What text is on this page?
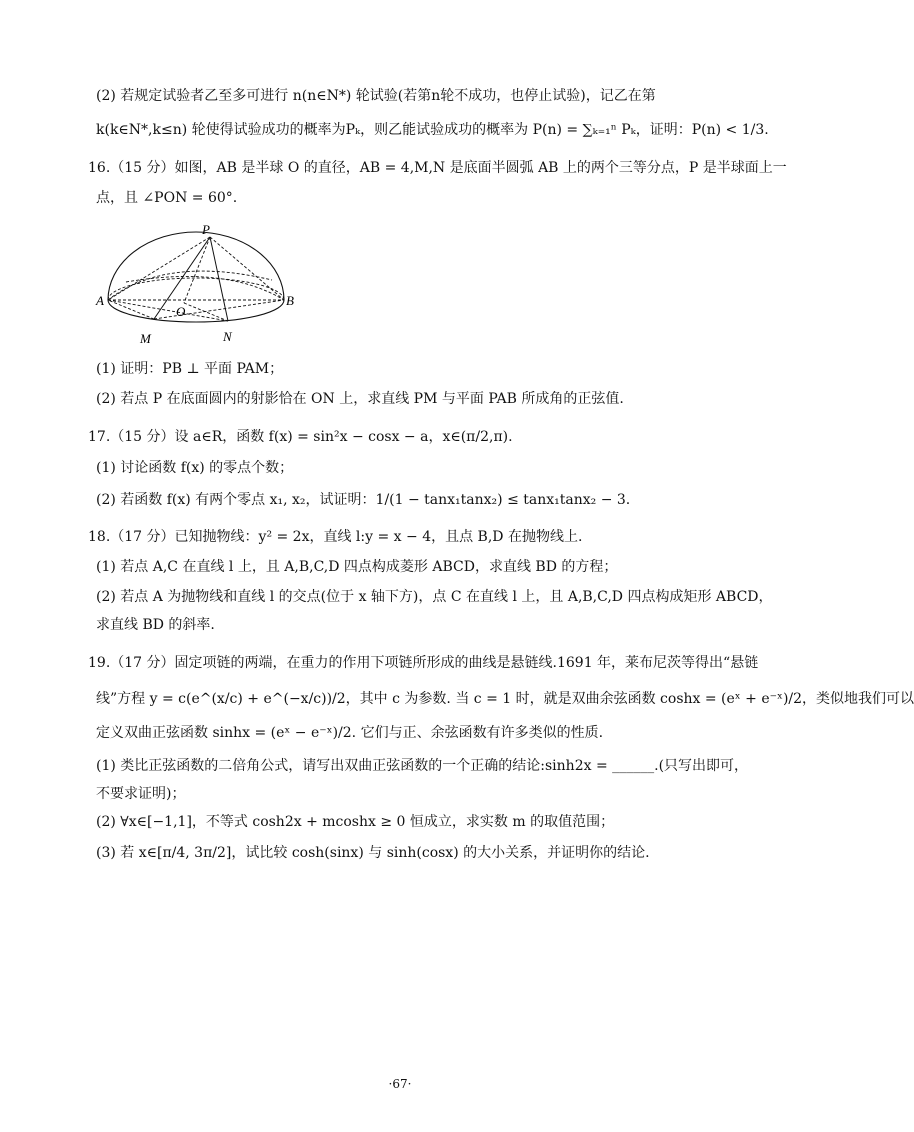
(2) 若规定试验者乙至多可进行 n(n∈N*) 轮试验(若第n轮不成功，也停止试验)，记乙在第
k(k∈N*,k≤n) 轮使得试验成功的概率为Pₖ，则乙能试验成功的概率为 P(n) = ∑ₖ₌₁ⁿ Pₖ，证明：P(n) < 1/3.
16.（15 分）如图，AB 是半球 O 的直径，AB = 4,M,N 是底面半圆弧 AB 上的两个三等分点，P 是半球面上一
点，且 ∠PON = 60°.
P
A	B
O
M	N
(1) 证明：PB ⊥ 平面 PAM；
(2) 若点 P 在底面圆内的射影恰在 ON 上，求直线 PM 与平面 PAB 所成角的正弦值.
17.（15 分）设 a∈R，函数 f(x) = sin²x − cosx − a，x∈(π/2,π).
(1) 讨论函数 f(x) 的零点个数；
(2) 若函数 f(x) 有两个零点 x₁, x₂，试证明：1/(1 − tanx₁tanx₂) ≤ tanx₁tanx₂ − 3.
18.（17 分）已知抛物线：y² = 2x，直线 l:y = x − 4，且点 B,D 在抛物线上.
(1) 若点 A,C 在直线 l 上，且 A,B,C,D 四点构成菱形 ABCD，求直线 BD 的方程；
(2) 若点 A 为抛物线和直线 l 的交点(位于 x 轴下方)，点 C 在直线 l 上，且 A,B,C,D 四点构成矩形 ABCD，
求直线 BD 的斜率.
19.（17 分）固定项链的两端，在重力的作用下项链所形成的曲线是悬链线.1691 年，莱布尼茨等得出“悬链
线”方程 y = c(e^(x/c) + e^(−x/c))/2，其中 c 为参数. 当 c = 1 时，就是双曲余弦函数 coshx = (eˣ + e⁻ˣ)/2，类似地我们可以
定义双曲正弦函数 sinhx = (eˣ − e⁻ˣ)/2. 它们与正、余弦函数有许多类似的性质.
(1) 类比正弦函数的二倍角公式，请写出双曲正弦函数的一个正确的结论:sinh2x = ______.(只写出即可，
不要求证明)；
(2) ∀x∈[−1,1]，不等式 cosh2x + mcoshx ≥ 0 恒成立，求实数 m 的取值范围；
(3) 若 x∈[π/4, 3π/2]，试比较 cosh(sinx) 与 sinh(cosx) 的大小关系，并证明你的结论.
·67·
